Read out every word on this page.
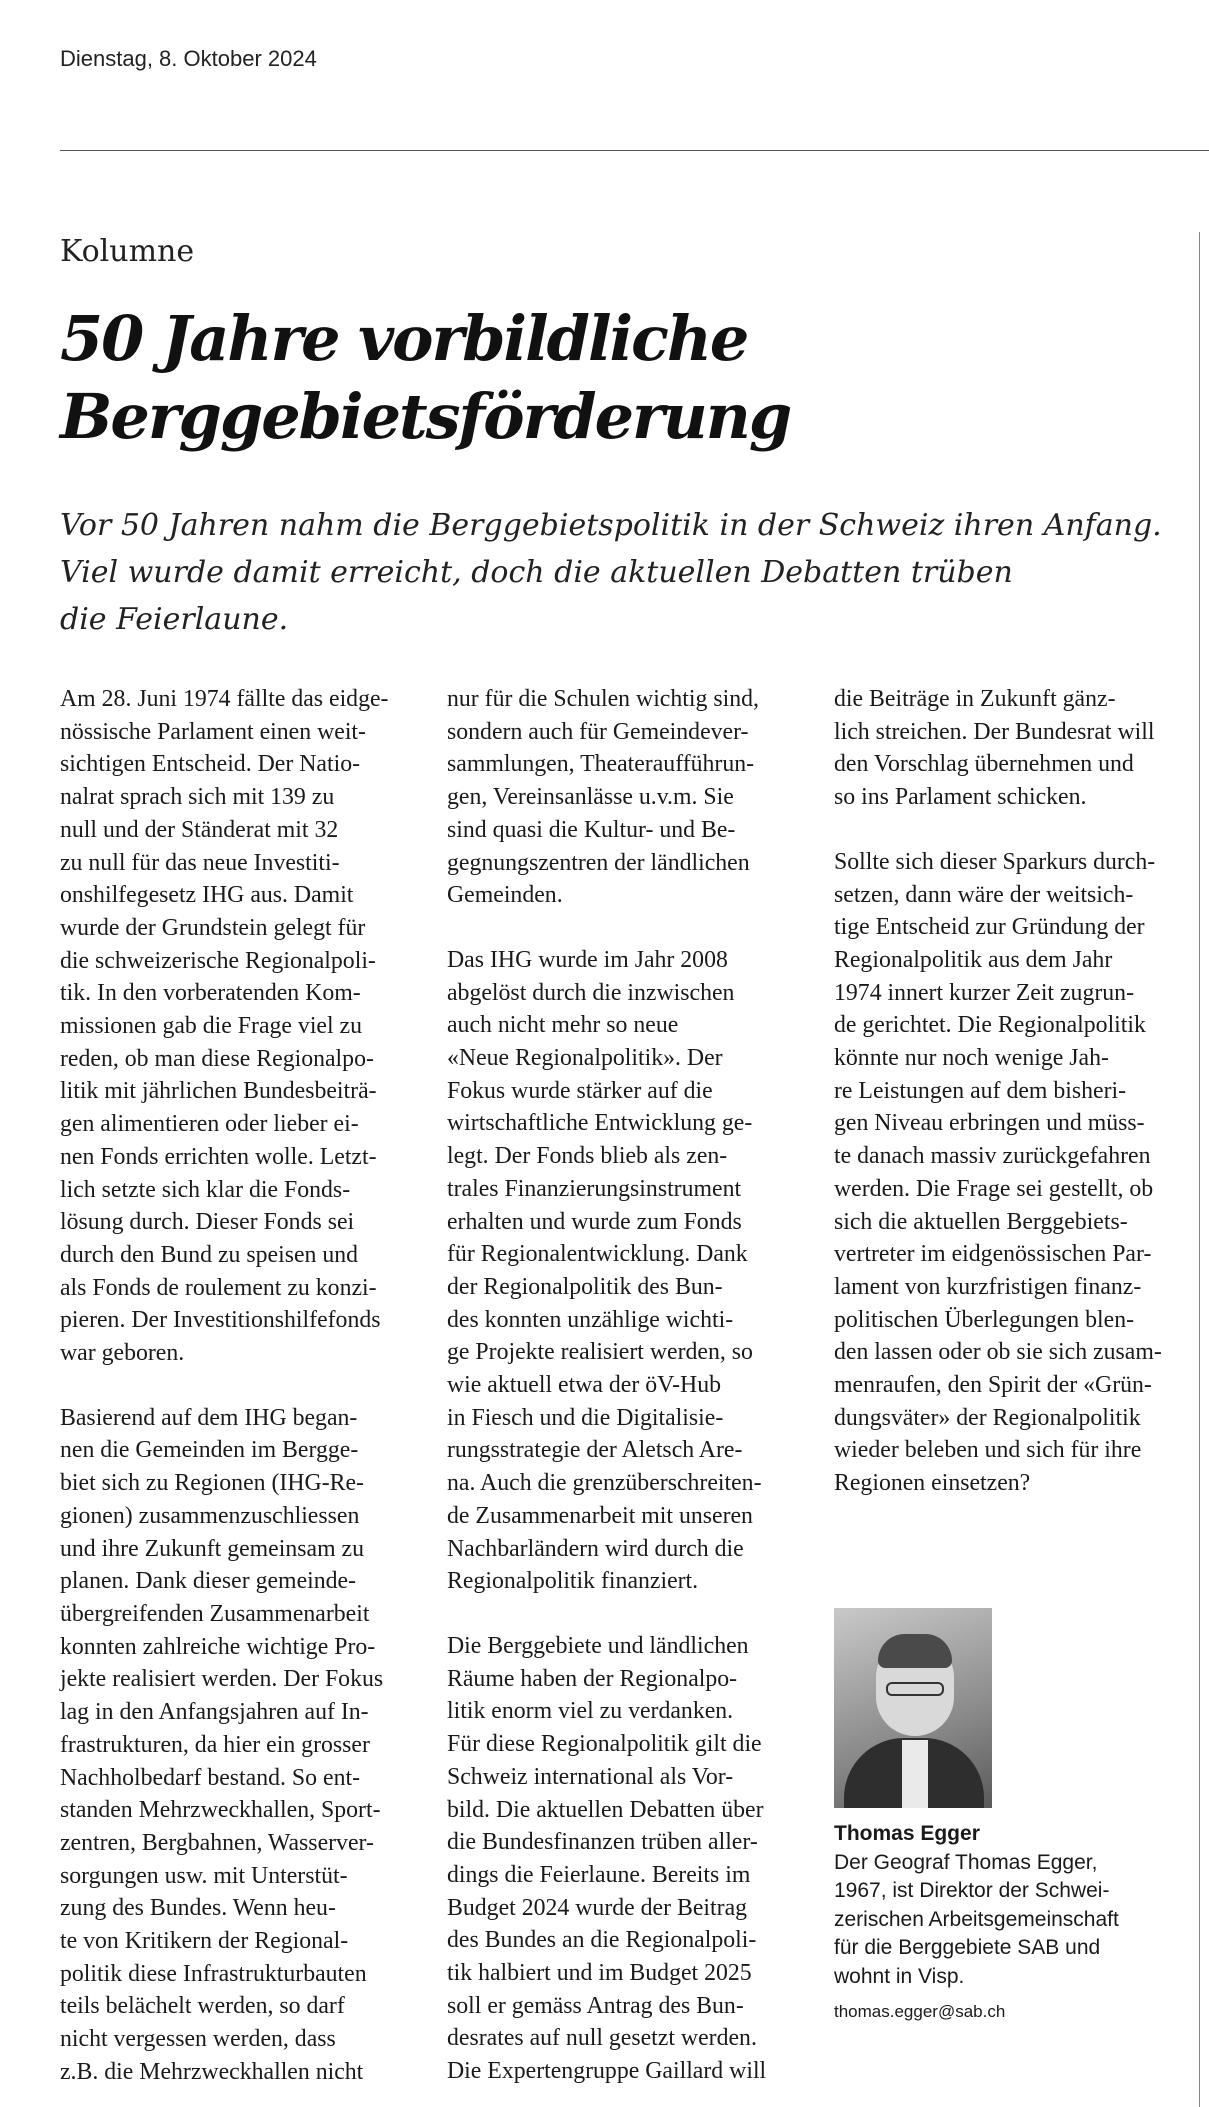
Dienstag, 8. Oktober 2024
Kolumne
50 Jahre vorbildliche
Berggebietsförderung

Vor 50 Jahren nahm die Berggebietspolitik in der Schweiz ihren Anfang.
Viel wurde damit erreicht, doch die aktuellen Debatten trüben
die Feierlaune.

Am 28. Juni 1974 fällte das eidge-
nössische Parlament einen weit-
sichtigen Entscheid. Der Natio-
nalrat sprach sich mit 139 zu
null und der Ständerat mit 32
zu null für das neue Investiti-
onshilfegesetz IHG aus. Damit
wurde der Grundstein gelegt für
die schweizerische Regionalpoli-
tik. In den vorberatenden Kom-
missionen gab die Frage viel zu
reden, ob man diese Regionalpo-
litik mit jährlichen Bundesbeiträ-
gen alimentieren oder lieber ei-
nen Fonds errichten wolle. Letzt-
lich setzte sich klar die Fonds-
lösung durch. Dieser Fonds sei
durch den Bund zu speisen und
als Fonds de roulement zu konzi-
pieren. Der Investitionshilfefonds
war geboren.

Basierend auf dem IHG began-
nen die Gemeinden im Bergge-
biet sich zu Regionen (IHG-Re-
gionen) zusammenzuschliessen
und ihre Zukunft gemeinsam zu
planen. Dank dieser gemeinde-
übergreifenden Zusammenarbeit
konnten zahlreiche wichtige Pro-
jekte realisiert werden. Der Fokus
lag in den Anfangsjahren auf In-
frastrukturen, da hier ein grosser
Nachholbedarf bestand. So ent-
standen Mehrzweckhallen, Sport-
zentren, Bergbahnen, Wasserver-
sorgungen usw. mit Unterstüt-
zung des Bundes. Wenn heu-
te von Kritikern der Regional-
politik diese Infrastrukturbauten
teils belächelt werden, so darf
nicht vergessen werden, dass
z.B. die Mehrzweckhallen nicht

nur für die Schulen wichtig sind,
sondern auch für Gemeindever-
sammlungen, Theateraufführun-
gen, Vereinsanlässe u.v.m. Sie
sind quasi die Kultur- und Be-
gegnungszentren der ländlichen
Gemeinden.

Das IHG wurde im Jahr 2008
abgelöst durch die inzwischen
auch nicht mehr so neue
«Neue Regionalpolitik». Der
Fokus wurde stärker auf die
wirtschaftliche Entwicklung ge-
legt. Der Fonds blieb als zen-
trales Finanzierungsinstrument
erhalten und wurde zum Fonds
für Regionalentwicklung. Dank
der Regionalpolitik des Bun-
des konnten unzählige wichti-
ge Projekte realisiert werden, so
wie aktuell etwa der öV-Hub
in Fiesch und die Digitalisie-
rungsstrategie der Aletsch Are-
na. Auch die grenzüberschreiten-
de Zusammenarbeit mit unseren
Nachbarländern wird durch die
Regionalpolitik finanziert.

Die Berggebiete und ländlichen
Räume haben der Regionalpo-
litik enorm viel zu verdanken.
Für diese Regionalpolitik gilt die
Schweiz international als Vor-
bild. Die aktuellen Debatten über
die Bundesfinanzen trüben aller-
dings die Feierlaune. Bereits im
Budget 2024 wurde der Beitrag
des Bundes an die Regionalpoli-
tik halbiert und im Budget 2025
soll er gemäss Antrag des Bun-
desrates auf null gesetzt werden.
Die Expertengruppe Gaillard will

die Beiträge in Zukunft gänz-
lich streichen. Der Bundesrat will
den Vorschlag übernehmen und
so ins Parlament schicken.

Sollte sich dieser Sparkurs durch-
setzen, dann wäre der weitsich-
tige Entscheid zur Gründung der
Regionalpolitik aus dem Jahr
1974 innert kurzer Zeit zugrun-
de gerichtet. Die Regionalpolitik
könnte nur noch wenige Jah-
re Leistungen auf dem bisheri-
gen Niveau erbringen und müss-
te danach massiv zurückgefahren
werden. Die Frage sei gestellt, ob
sich die aktuellen Berggebiets-
vertreter im eidgenössischen Par-
lament von kurzfristigen finanz-
politischen Überlegungen blen-
den lassen oder ob sie sich zusam-
menraufen, den Spirit der «Grün-
dungsväter» der Regionalpolitik
wieder beleben und sich für ihre
Regionen einsetzen?

Thomas Egger
Der Geograf Thomas Egger,
1967, ist Direktor der Schwei-
zerischen Arbeitsgemeinschaft
für die Berggebiete SAB und
wohnt in Visp.
thomas.egger@sab.ch
